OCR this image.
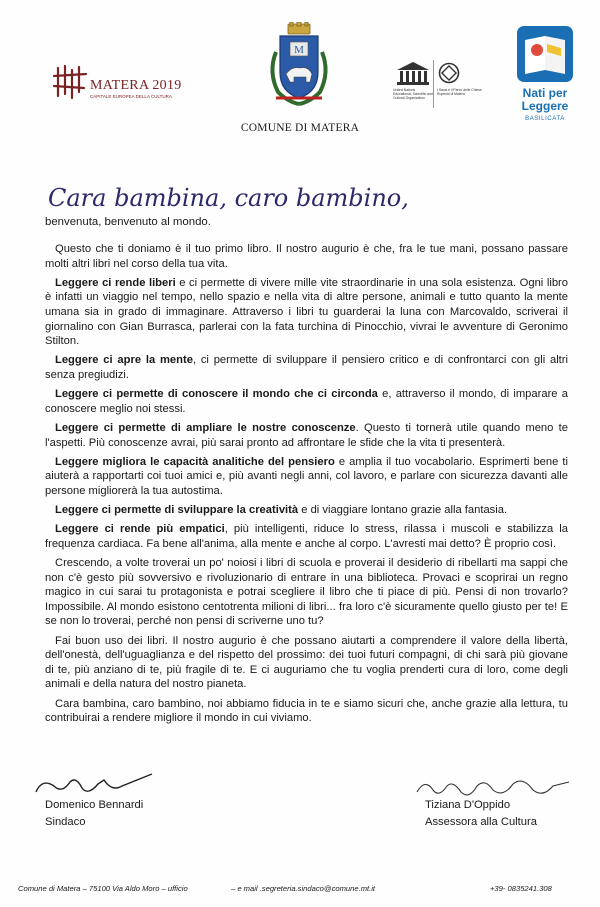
MATERA 2019
CAPITALE EUROPEA DELLA CULTURA
M
COMUNE DI MATERA
United Nations Educational, Scientific and Cultural Organization
I Sassi e il Parco delle Chiese Rupestri di Matera	Nati per Leggere
BASILICATA
Cara bambina, caro bambino,
benvenuta, benvenuto al mondo.

Questo che ti doniamo è il tuo primo libro. Il nostro augurio è che, fra le tue mani, possano passare molti altri libri nel corso della tua vita.

Leggere ci rende liberi e ci permette di vivere mille vite straordinarie in una sola esistenza. Ogni libro è infatti un viaggio nel tempo, nello spazio e nella vita di altre persone, animali e tutto quanto la mente umana sia in grado di immaginare. Attraverso i libri tu guarderai la luna con Marcovaldo, scriverai il giornalino con Gian Burrasca, parlerai con la fata turchina di Pinocchio, vivrai le avventure di Geronimo Stilton.

Leggere ci apre la mente, ci permette di sviluppare il pensiero critico e di confrontarci con gli altri senza pregiudizi.

Leggere ci permette di conoscere il mondo che ci circonda e, attraverso il mondo, di imparare a conoscere meglio noi stessi.

Leggere ci permette di ampliare le nostre conoscenze. Questo ti tornerà utile quando meno te l'aspetti. Più conoscenze avrai, più sarai pronto ad affrontare le sfide che la vita ti presenterà.

Leggere migliora le capacità analitiche del pensiero e amplia il tuo vocabolario. Esprimerti bene ti aiuterà a rapportarti coi tuoi amici e, più avanti negli anni, col lavoro, e parlare con sicurezza davanti alle persone migliorerà la tua autostima.

Leggere ci permette di sviluppare la creatività e di viaggiare lontano grazie alla fantasia.

Leggere ci rende più empatici, più intelligenti, riduce lo stress, rilassa i muscoli e stabilizza la frequenza cardiaca. Fa bene all'anima, alla mente e anche al corpo. L'avresti mai detto? È proprio così.

Crescendo, a volte troverai un po' noiosi i libri di scuola e proverai il desiderio di ribellarti ma sappi che non c'è gesto più sovversivo e rivoluzionario di entrare in una biblioteca. Provaci e scoprirai un regno magico in cui sarai tu protagonista e potrai scegliere il libro che ti piace di più. Pensi di non trovarlo? Impossibile. Al mondo esistono centotrenta milioni di libri... fra loro c'è sicuramente quello giusto per te! E se non lo troverai, perché non pensi di scriverne uno tu?

Fai buon uso dei libri. Il nostro augurio è che possano aiutarti a comprendere il valore della libertà, dell'onestà, dell'uguaglianza e del rispetto del prossimo: dei tuoi futuri compagni, di chi sarà più giovane di te, più anziano di te, più fragile di te. E ci auguriamo che tu voglia prenderti cura di loro, come degli animali e della natura del nostro pianeta.

Cara bambina, caro bambino, noi abbiamo fiducia in te e siamo sicuri che, anche grazie alla lettura, tu contribuirai a rendere migliore il mondo in cui viviamo.

Domenico Bennardi
Sindaco
Tiziana D'Oppido
Assessora alla Cultura
Comune di Matera – 75100 Via Aldo Moro – ufficio	– e mail .segreteria.sindaco@comune.mt.it	+39- 0835241.308
